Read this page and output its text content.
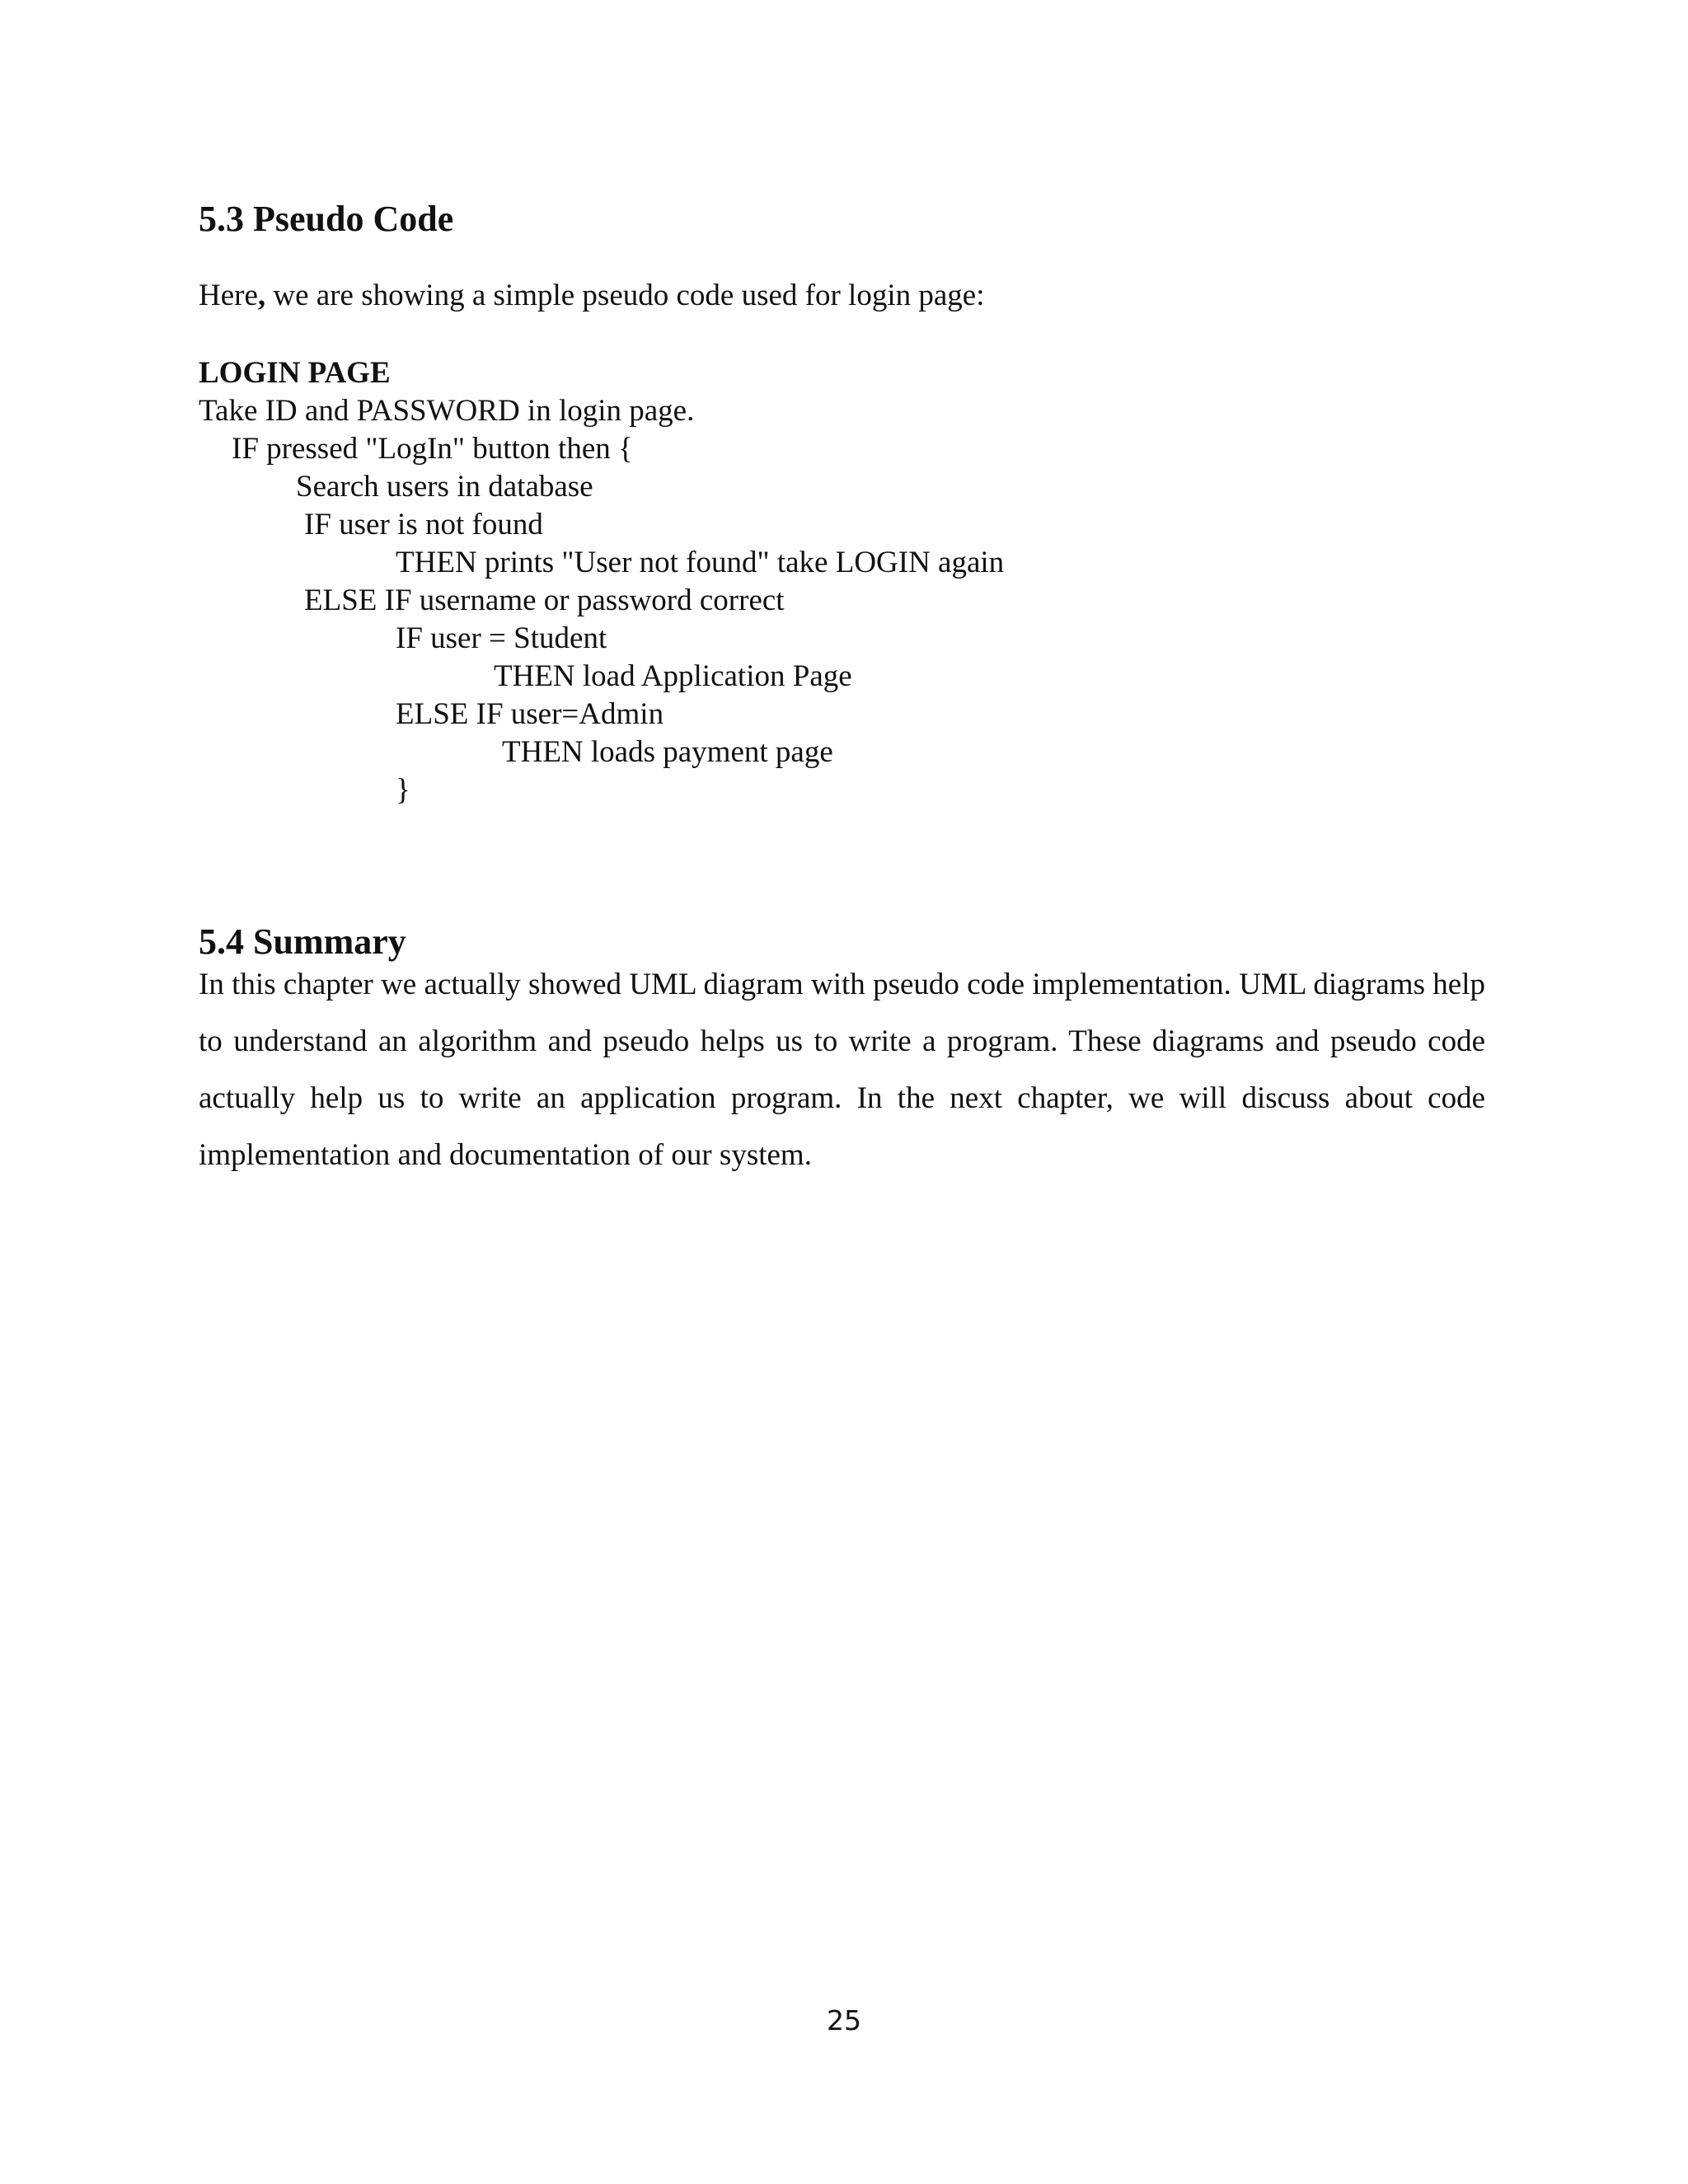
5.3 Pseudo Code

Here, we are showing a simple pseudo code used for login page:

LOGIN PAGE
Take ID and PASSWORD in login page.
IF pressed "LogIn" button then {
Search users in database
IF user is not found
THEN prints "User not found" take LOGIN again
ELSE IF username or password correct
IF user = Student
THEN load Application Page
ELSE IF user=Admin
THEN loads payment page
}
5.4 Summary

In this chapter we actually showed UML diagram with pseudo code implementation. UML diagrams help to understand an algorithm and pseudo helps us to write a program. These diagrams and pseudo code actually help us to write an application program. In the next chapter, we will discuss about code implementation and documentation of our system.

25
